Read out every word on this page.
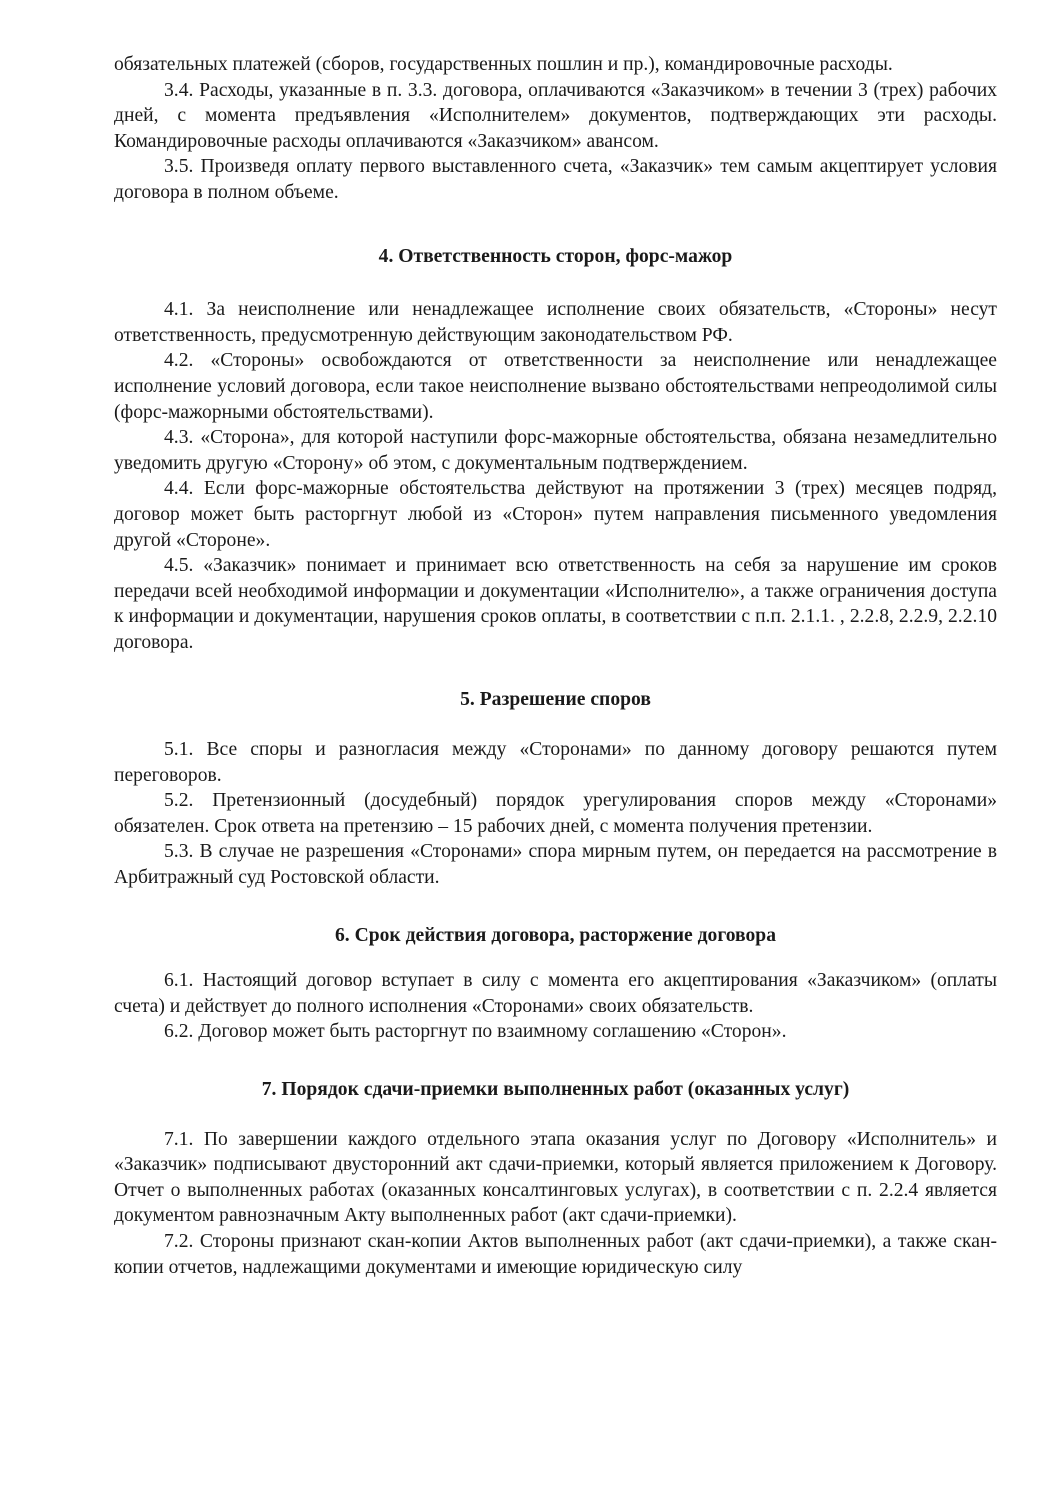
обязательных платежей (сборов, государственных пошлин и пр.), командировочные расходы.

3.4. Расходы, указанные в п. 3.3. договора, оплачиваются «Заказчиком» в течении 3 (трех) рабочих дней, с момента предъявления «Исполнителем» документов, подтверждающих эти расходы. Командировочные расходы оплачиваются «Заказчиком» авансом.

3.5. Произведя оплату первого выставленного счета, «Заказчик» тем самым акцептирует условия договора в полном объеме.

4. Ответственность сторон, форс-мажор

4.1. За неисполнение или ненадлежащее исполнение своих обязательств, «Стороны» несут ответственность, предусмотренную действующим законодательством РФ.

4.2. «Стороны» освобождаются от ответственности за неисполнение или ненадлежащее исполнение условий договора, если такое неисполнение вызвано обстоятельствами непреодолимой силы (форс-мажорными обстоятельствами).

4.3. «Сторона», для которой наступили форс-мажорные обстоятельства, обязана незамедлительно уведомить другую «Сторону» об этом, с документальным подтверждением.

4.4. Если форс-мажорные обстоятельства действуют на протяжении 3 (трех) месяцев подряд, договор может быть расторгнут любой из «Сторон» путем направления письменного уведомления другой «Стороне».

4.5. «Заказчик» понимает и принимает всю ответственность на себя за нарушение им сроков передачи всей необходимой информации и документации «Исполнителю», а также ограничения доступа к информации и документации, нарушения сроков оплаты, в соответствии с п.п. 2.1.1. , 2.2.8, 2.2.9, 2.2.10 договора.

5. Разрешение споров

5.1. Все споры и разногласия между «Сторонами» по данному договору решаются путем переговоров.

5.2. Претензионный (досудебный) порядок урегулирования споров между «Сторонами» обязателен. Срок ответа на претензию – 15 рабочих дней, с момента получения претензии.

5.3. В случае не разрешения «Сторонами» спора мирным путем, он передается на рассмотрение в Арбитражный суд Ростовской области.

6. Срок действия договора, расторжение договора

6.1. Настоящий договор вступает в силу с момента его акцептирования «Заказчиком» (оплаты счета) и действует до полного исполнения «Сторонами» своих обязательств.

6.2. Договор может быть расторгнут по взаимному соглашению «Сторон».

7. Порядок сдачи-приемки выполненных работ (оказанных услуг)

7.1. По завершении каждого отдельного этапа оказания услуг по Договору «Исполнитель» и «Заказчик» подписывают двусторонний акт сдачи-приемки, который является приложением к Договору. Отчет о выполненных работах (оказанных консалтинговых услугах), в соответствии с п. 2.2.4 является документом равнозначным Акту выполненных работ (акт сдачи-приемки).

7.2. Стороны признают скан-копии Актов выполненных работ (акт сдачи-приемки), а также скан-копии отчетов, надлежащими документами и имеющие юридическую силу
